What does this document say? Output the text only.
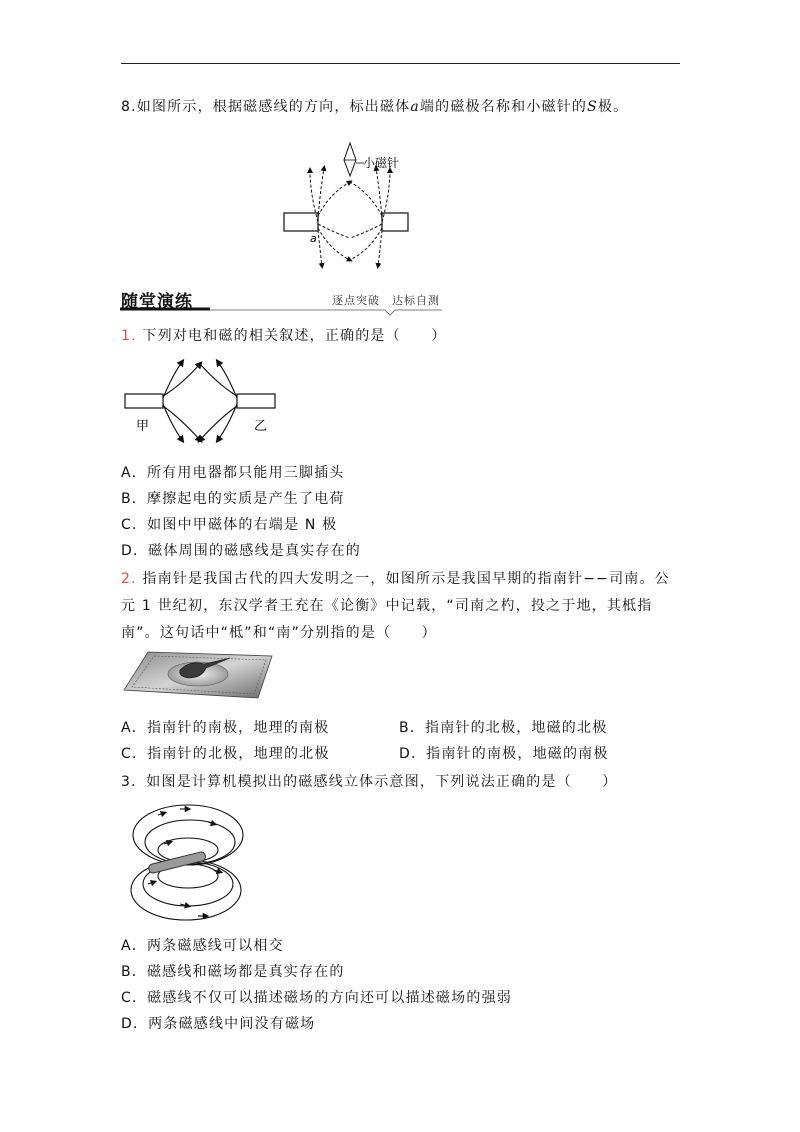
8.如图所示，根据磁感线的方向，标出磁体a端的磁极名称和小磁针的S极。
小磁针
a
随堂演练	逐点突破　达标自测
1. 下列对电和磁的相关叙述，正确的是（　　）
甲	乙
A．所有用电器都只能用三脚插头
B．摩擦起电的实质是产生了电荷
C．如图中甲磁体的右端是 N 极
D．磁体周围的磁感线是真实存在的
2. 指南针是我国古代的四大发明之一，如图所示是我国早期的指南针−−司南。公
元 1 世纪初，东汉学者王充在《论衡》中记载，“司南之杓，投之于地，其柢指
南”。这句话中“柢”和“南”分别指的是（　　）
A．指南针的南极，地理的南极	B．指南针的北极，地磁的北极
C．指南针的北极，地理的北极	D．指南针的南极，地磁的南极
3．如图是计算机模拟出的磁感线立体示意图，下列说法正确的是（　　）
A．两条磁感线可以相交
B．磁感线和磁场都是真实存在的
C．磁感线不仅可以描述磁场的方向还可以描述磁场的强弱
D．两条磁感线中间没有磁场
